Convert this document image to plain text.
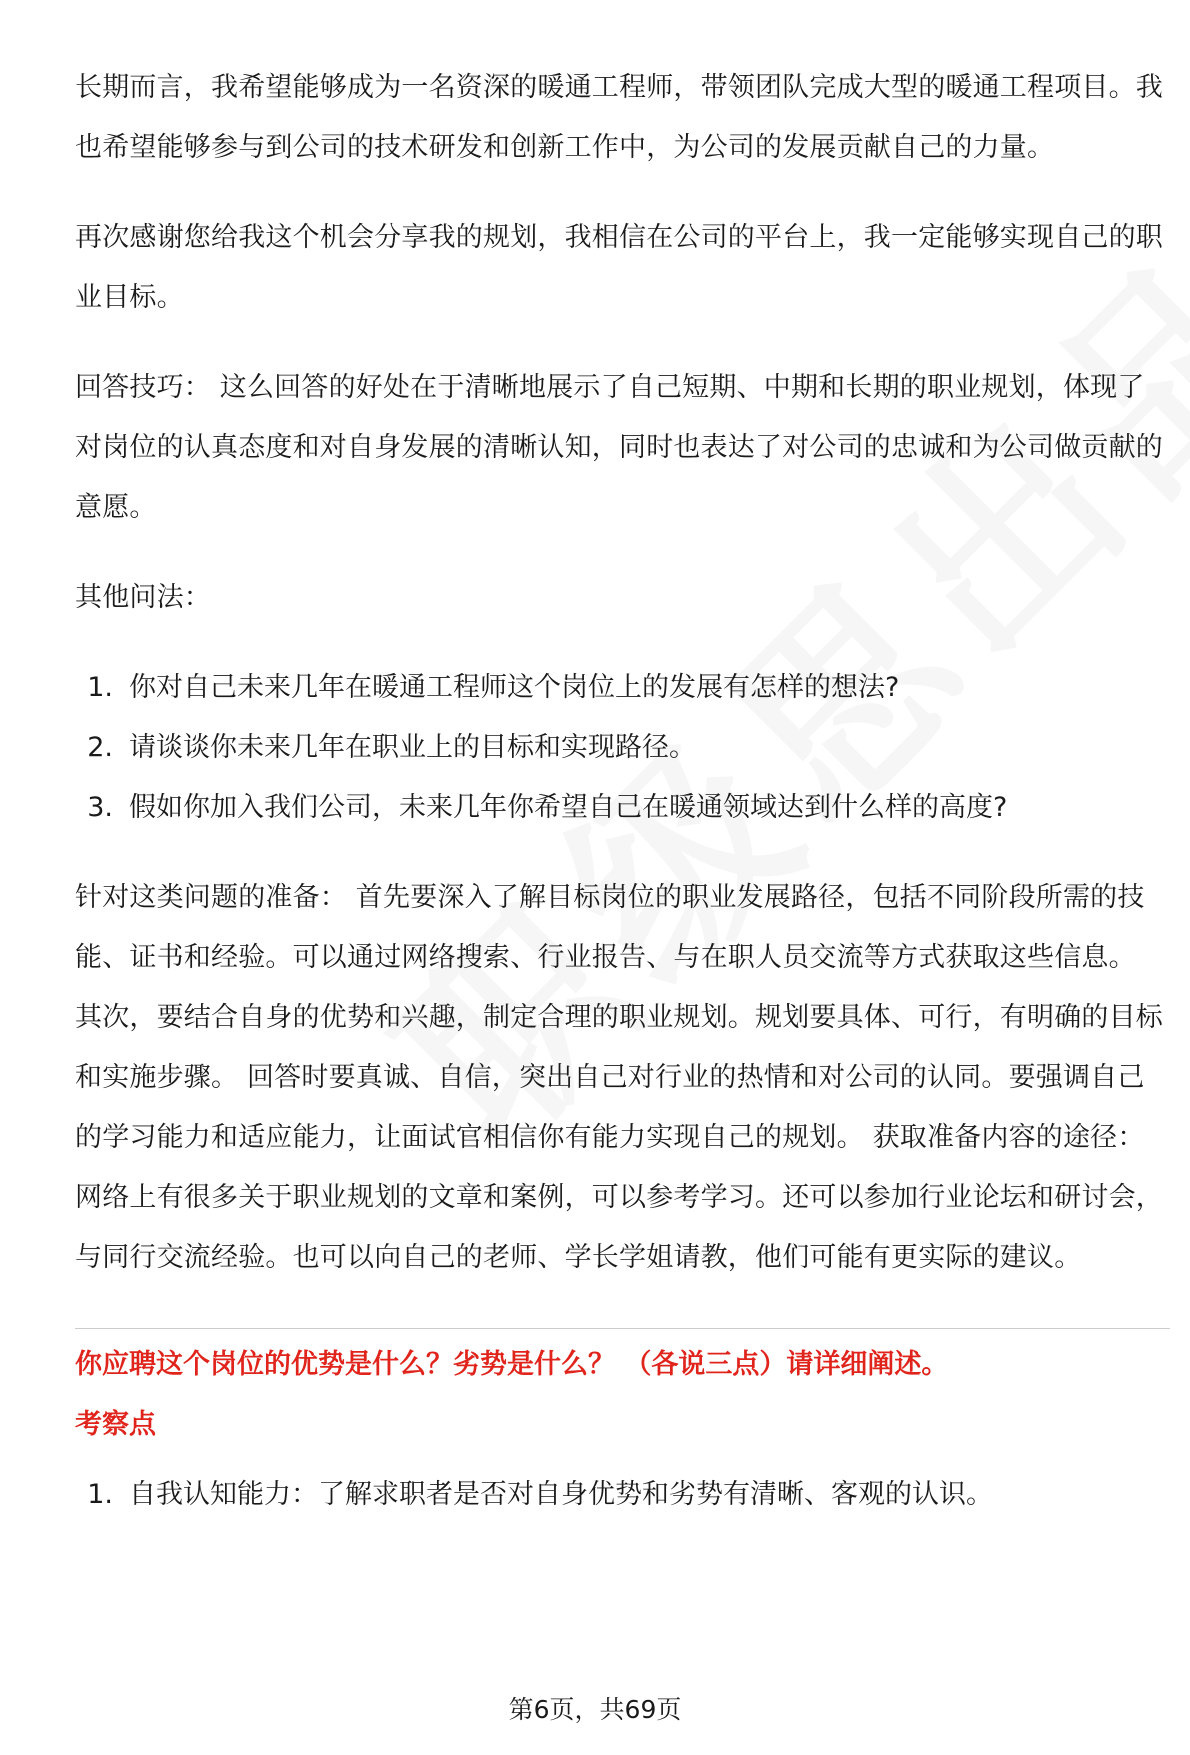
长期而言，我希望能够成为一名资深的暖通工程师，带领团队完成大型的暖通工程项目。我也希望能够参与到公司的技术研发和创新工作中，为公司的发展贡献自己的力量。

再次感谢您给我这个机会分享我的规划，我相信在公司的平台上，我一定能够实现自己的职业目标。

回答技巧： 这么回答的好处在于清晰地展示了自己短期、中期和长期的职业规划，体现了对岗位的认真态度和对自身发展的清晰认知，同时也表达了对公司的忠诚和为公司做贡献的意愿。

其他问法：

1. 你对自己未来几年在暖通工程师这个岗位上的发展有怎样的想法?
2. 请谈谈你未来几年在职业上的目标和实现路径。
3. 假如你加入我们公司，未来几年你希望自己在暖通领域达到什么样的高度?

针对这类问题的准备： 首先要深入了解目标岗位的职业发展路径，包括不同阶段所需的技能、证书和经验。可以通过网络搜索、行业报告、与在职人员交流等方式获取这些信息。 其次，要结合自身的优势和兴趣，制定合理的职业规划。规划要具体、可行，有明确的目标和实施步骤。 回答时要真诚、自信，突出自己对行业的热情和对公司的认同。要强调自己的学习能力和适应能力，让面试官相信你有能力实现自己的规划。 获取准备内容的途径： 网络上有很多关于职业规划的文章和案例，可以参考学习。还可以参加行业论坛和研讨会，与同行交流经验。也可以向自己的老师、学长学姐请教，他们可能有更实际的建议。

你应聘这个岗位的优势是什么？劣势是什么？ （各说三点）请详细阐述。

考察点

1. 自我认知能力：了解求职者是否对自身优势和劣势有清晰、客观的认识。
第6页，共69页
